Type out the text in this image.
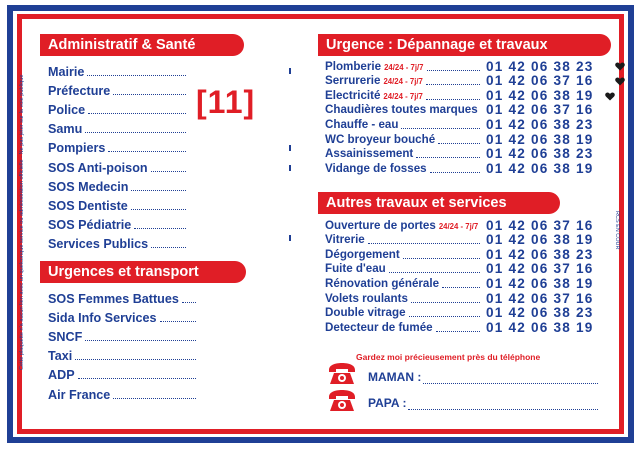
Cette plaquette n'a aucun lien avec un quelconque service ou administration officielle - Ne pas jeter sur la voie publique	RCS EN COUR
Administratif & Santé
Mairie
Préfecture
Police
Samu
Pompiers
SOS Anti-poison
SOS Medecin
SOS Dentiste
SOS Pédiatrie
Services Publics
[11]
Urgences et transport
SOS Femmes Battues
Sida Info Services
SNCF
Taxi
ADP
Air France
Urgence : Dépannage et travaux
Plomberie 24/24 - 7j/7	01 42 06 38 23
Serrurerie 24/24 - 7j/7	01 42 06 37 16
Electricité 24/24 - 7j/7	01 42 06 38 19
Chaudières toutes marques 01 42 06 37 16
Chauffe - eau	01 42 06 38 23
WC broyeur bouché	01 42 06 38 19
Assainissement	01 42 06 38 23
Vidange de fosses	01 42 06 38 19
Autres travaux et services
Ouverture de portes 24/24 - 7j/7 01 42 06 37 16
Vitrerie	01 42 06 38 19
Dégorgement	01 42 06 38 23
Fuite d'eau	01 42 06 37 16
Rénovation générale	01 42 06 38 19
Volets roulants	01 42 06 37 16
Double vitrage	01 42 06 38 23
Detecteur de fumée	01 42 06 38 19
Gardez moi précieusement près du téléphone
MAMAN :
PAPA :
